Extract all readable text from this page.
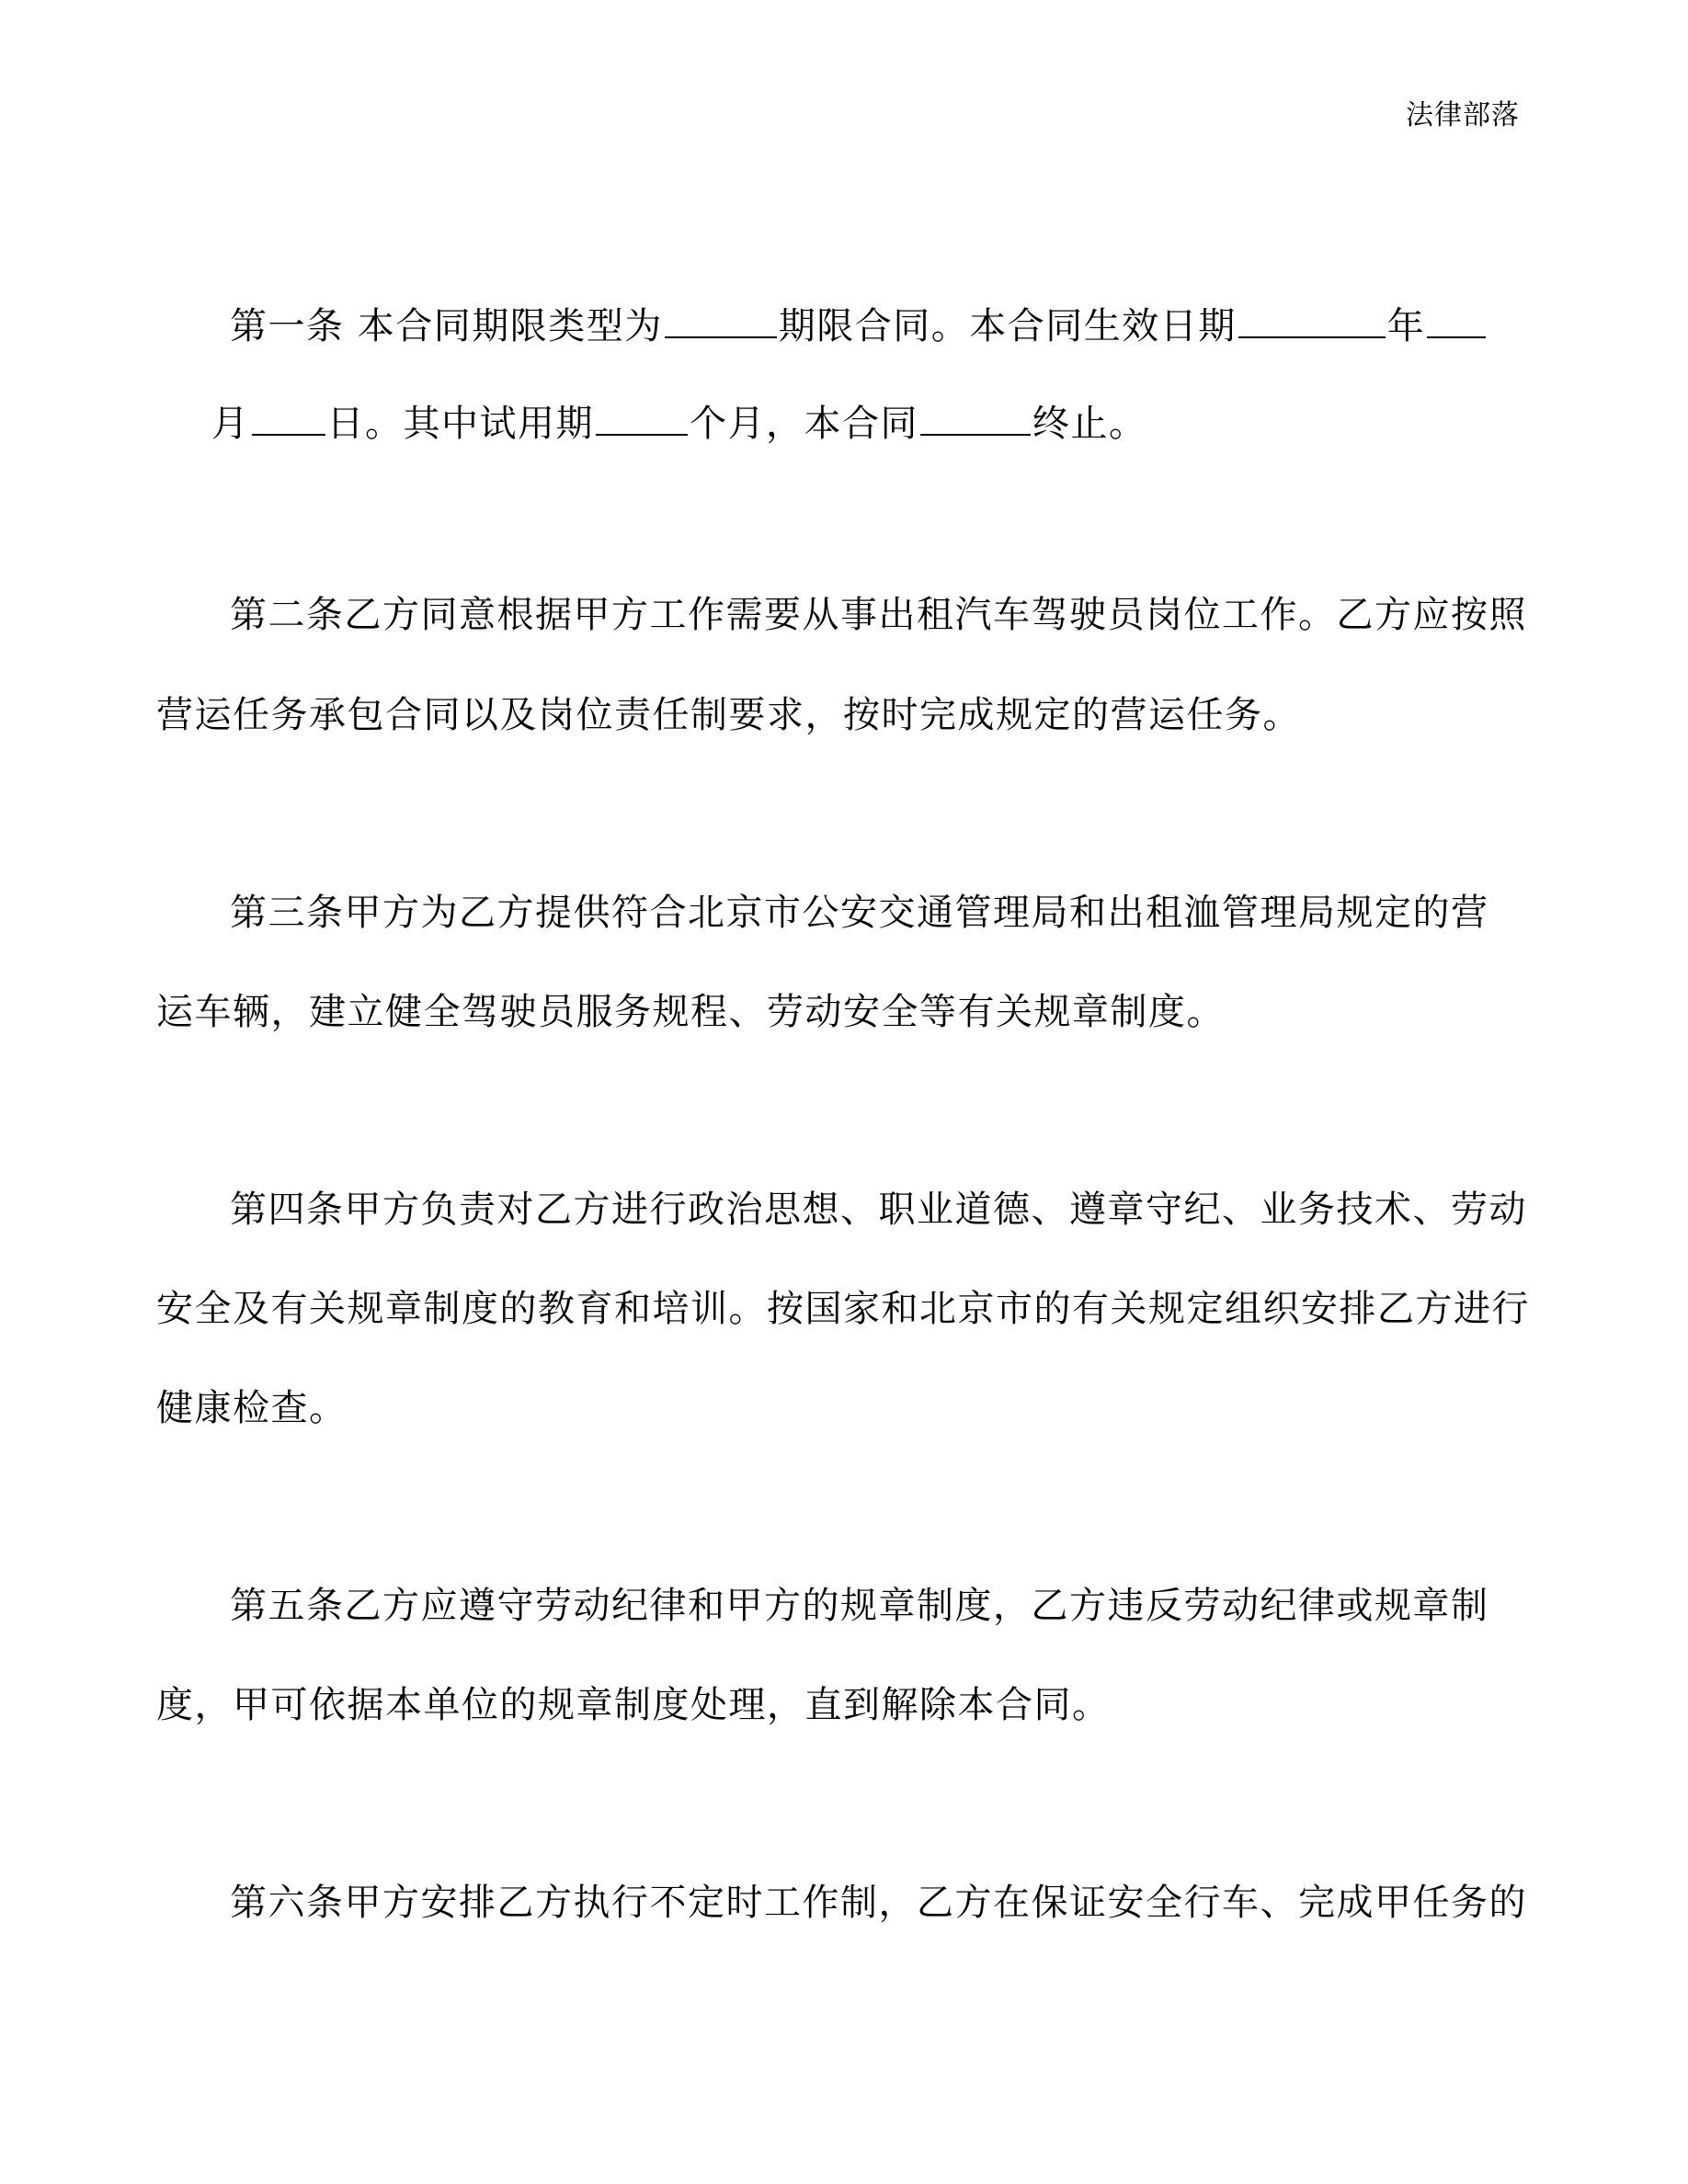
法律部落
第一条 本合同期限类型为	期限合同。本合同生效日期	年
月 日。其中试用期	个月，本合同	终止。
第二条乙方同意根据甲方工作需要从事出租汽车驾驶员岗位工作。乙方应按照
营运任务承包合同以及岗位责任制要求，按时完成规定的营运任务。
第三条甲方为乙方提供符合北京市公安交通管理局和出租洫管理局规定的营
运车辆，建立健全驾驶员服务规程、劳动安全等有关规章制度。
第四条甲方负责对乙方进行政治思想、职业道德、遵章守纪、业务技术、劳动
安全及有关规章制度的教育和培训。按国家和北京市的有关规定组织安排乙方进行
健康检查。
第五条乙方应遵守劳动纪律和甲方的规章制度，乙方违反劳动纪律或规章制
度，甲可依据本单位的规章制度处理，直到解除本合同。
第六条甲方安排乙方执行不定时工作制，乙方在保证安全行车、完成甲任务的
